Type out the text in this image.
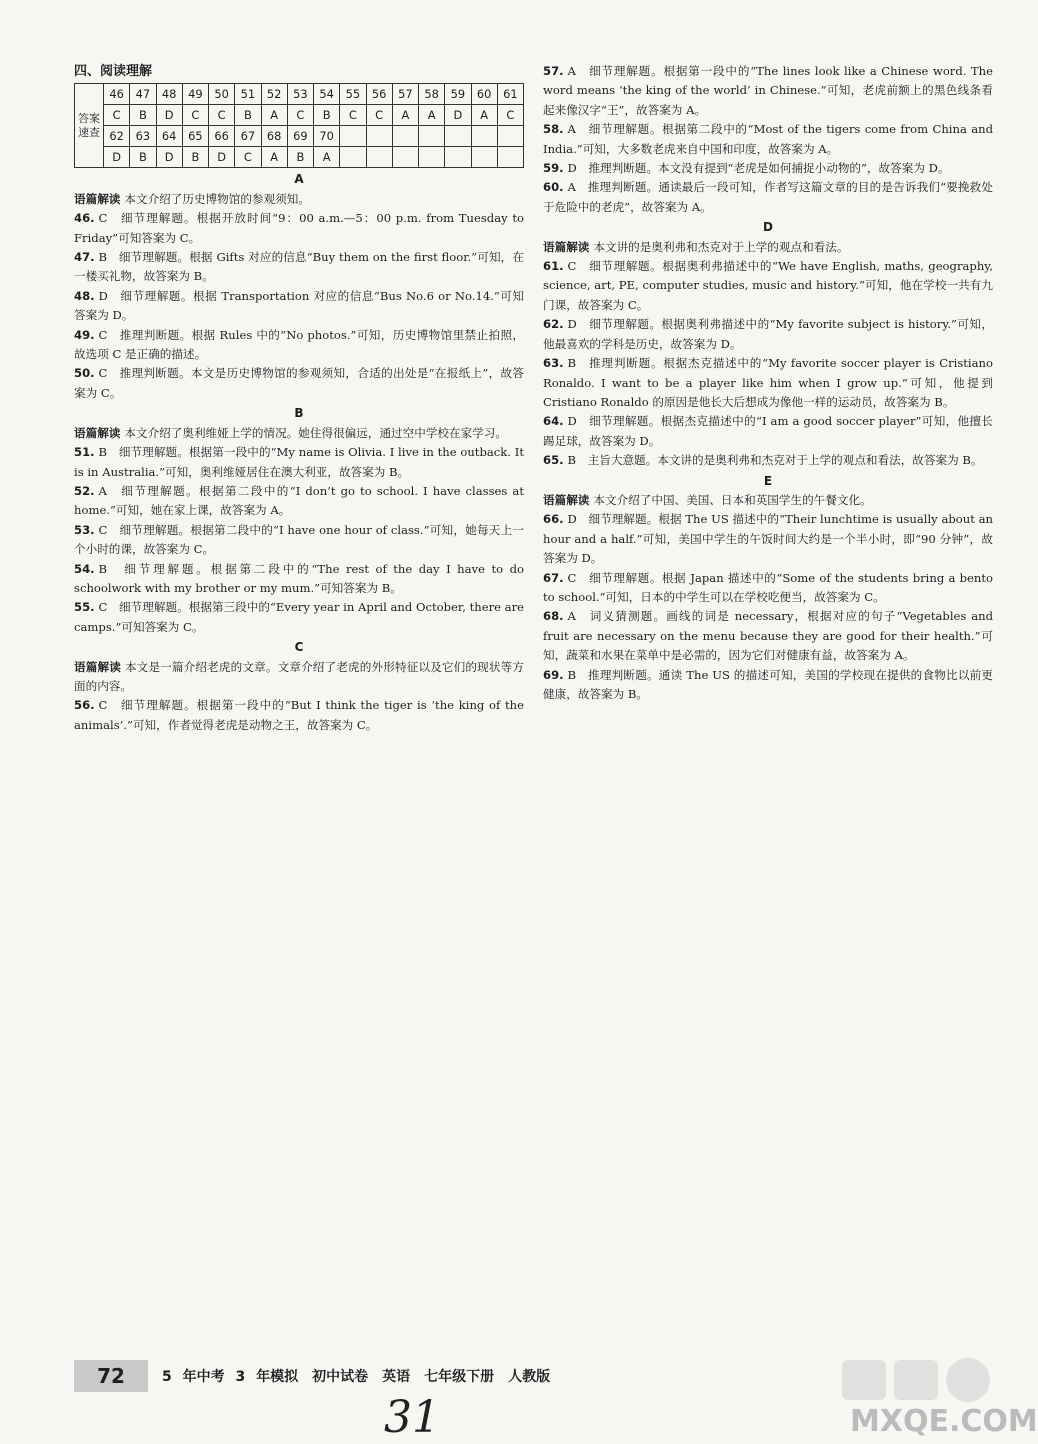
四、阅读理解
答案速查	46	47	48	49	50	51	52	53	54	55	56	57	58	59	60	61
	C	B	D	C	C	B	A	C	B	C	C	A	A	D	A	C
	62	63	64	65	66	67	68	69	70							
	D	B	D	B	D	C	A	B	A							
A

语篇解读 本文介绍了历史博物馆的参观须知。

46. C　细节理解题。根据开放时间“9：00 a.m.—5：00 p.m. from Tuesday to Friday”可知答案为 C。

47. B　细节理解题。根据 Gifts 对应的信息“Buy them on the first floor.”可知，在一楼买礼物，故答案为 B。

48. D　细节理解题。根据 Transportation 对应的信息“Bus No.6 or No.14.”可知答案为 D。

49. C　推理判断题。根据 Rules 中的“No photos.”可知，历史博物馆里禁止拍照，故选项 C 是正确的描述。

50. C　推理判断题。本文是历史博物馆的参观须知，合适的出处是“在报纸上”，故答案为 C。

B

语篇解读 本文介绍了奥利维娅上学的情况。她住得很偏远，通过空中学校在家学习。

51. B　细节理解题。根据第一段中的“My name is Olivia. I live in the outback. It is in Australia.”可知，奥利维娅居住在澳大利亚，故答案为 B。

52. A　细节理解题。根据第二段中的“I don’t go to school. I have classes at home.”可知，她在家上课，故答案为 A。

53. C　细节理解题。根据第二段中的“I have one hour of class.”可知，她每天上一个小时的课，故答案为 C。

54. B　细节理解题。根据第二段中的“The rest of the day I have to do schoolwork with my brother or my mum.”可知答案为 B。

55. C　细节理解题。根据第三段中的“Every year in April and October, there are camps.”可知答案为 C。

C

语篇解读 本文是一篇介绍老虎的文章。文章介绍了老虎的外形特征以及它们的现状等方面的内容。

56. C　细节理解题。根据第一段中的“But I think the tiger is ‘the king of the animals’.”可知，作者觉得老虎是动物之王，故答案为 C。

57. A　细节理解题。根据第一段中的“The lines look like a Chinese word. The word means ‘the king of the world’ in Chinese.”可知，老虎前额上的黑色线条看起来像汉字“王”，故答案为 A。

58. A　细节理解题。根据第二段中的“Most of the tigers come from China and India.”可知，大多数老虎来自中国和印度，故答案为 A。

59. D　推理判断题。本文没有提到“老虎是如何捕捉小动物的”，故答案为 D。

60. A　推理判断题。通读最后一段可知，作者写这篇文章的目的是告诉我们“要挽救处于危险中的老虎”，故答案为 A。

D

语篇解读 本文讲的是奥利弗和杰克对于上学的观点和看法。

61. C　细节理解题。根据奥利弗描述中的“We have English, maths, geography, science, art, PE, computer studies, music and history.”可知，他在学校一共有九门课，故答案为 C。

62. D　细节理解题。根据奥利弗描述中的“My favorite subject is history.”可知，他最喜欢的学科是历史，故答案为 D。

63. B　推理判断题。根据杰克描述中的“My favorite soccer player is Cristiano Ronaldo. I want to be a player like him when I grow up.”可知，他提到 Cristiano Ronaldo 的原因是他长大后想成为像他一样的运动员，故答案为 B。

64. D　细节理解题。根据杰克描述中的“I am a good soccer player”可知，他擅长踢足球，故答案为 D。

65. B　主旨大意题。本文讲的是奥利弗和杰克对于上学的观点和看法，故答案为 B。

E

语篇解读 本文介绍了中国、美国、日本和英国学生的午餐文化。

66. D　细节理解题。根据 The US 描述中的“Their lunchtime is usually about an hour and a half.”可知，美国中学生的午饭时间大约是一个半小时，即“90 分钟”，故答案为 D。

67. C　细节理解题。根据 Japan 描述中的“Some of the students bring a bento to school.”可知，日本的中学生可以在学校吃便当，故答案为 C。

68. A　词义猜测题。画线的词是 necessary，根据对应的句子“Vegetables and fruit are necessary on the menu because they are good for their health.”可知，蔬菜和水果在菜单中是必需的，因为它们对健康有益，故答案为 A。

69. B　推理判断题。通读 The US 的描述可知，美国的学校现在提供的食物比以前更健康，故答案为 B。

72	5 年中考 3 年模拟　初中试卷　英语　七年级下册　人教版
31	MXQE.COM
